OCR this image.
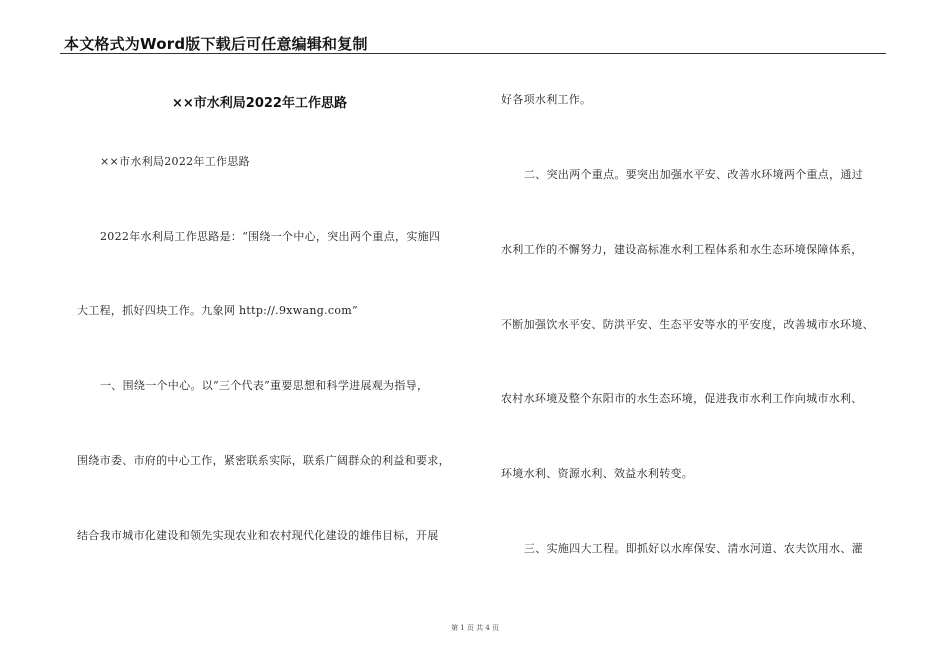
本文格式为Word版下载后可任意编辑和复制
××市水利局2022年工作思路
××市水利局2022年工作思路
2022年水利局工作思路是：“围绕一个中心，突出两个重点，实施四
大工程，抓好四块工作。九象网 http://.9xwang.com”
一、围绕一个中心。以“三个代表”重要思想和科学进展观为指导，
围绕市委、市府的中心工作，紧密联系实际，联系广阔群众的利益和要求，
结合我市城市化建设和领先实现农业和农村现代化建设的雄伟目标，开展
好各项水利工作。
二、突出两个重点。要突出加强水平安、改善水环境两个重点，通过
水利工作的不懈努力，建设高标准水利工程体系和水生态环境保障体系，
不断加强饮水平安、防洪平安、生态平安等水的平安度，改善城市水环境、
农村水环境及整个东阳市的水生态环境，促进我市水利工作向城市水利、
环境水利、资源水利、效益水利转变。
三、实施四大工程。即抓好以水库保安、清水河道、农夫饮用水、灌
第 1 页 共 4 页
